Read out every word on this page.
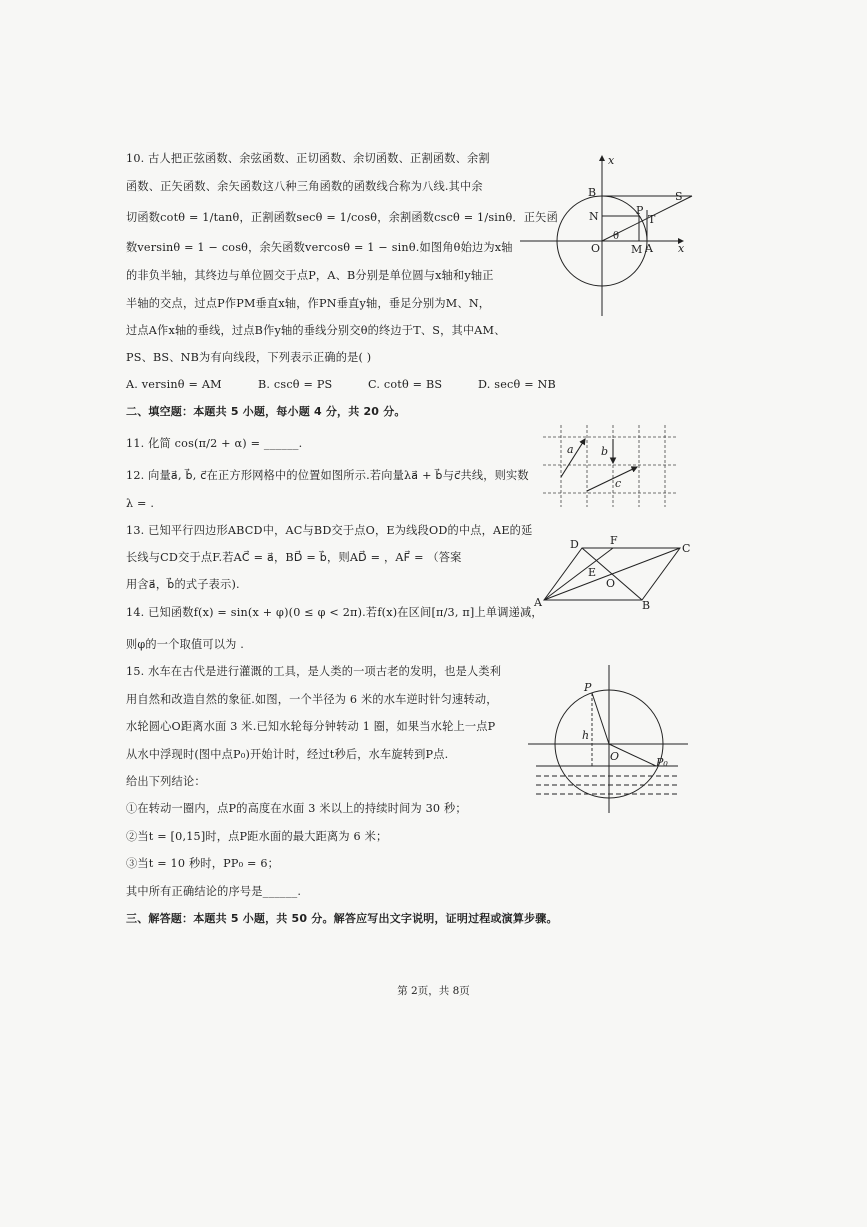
10. 古人把正弦函数、余弦函数、正切函数、余切函数、正割函数、余割
函数、正矢函数、余矢函数这八种三角函数的函数线合称为八线.其中余
切函数cotθ = 1/tanθ，正割函数secθ = 1/cosθ，余割函数cscθ = 1/sinθ．正矢函
数versinθ = 1 − cosθ，余矢函数vercosθ = 1 − sinθ.如图角θ始边为x轴
的非负半轴，其终边与单位圆交于点P，A、B分别是单位圆与x轴和y轴正
半轴的交点，过点P作PM垂直x轴，作PN垂直y轴，垂足分别为M、N，
过点A作x轴的垂线，过点B作y轴的垂线分别交θ的终边于T、S，其中AM、
PS、BS、NB为有向线段，下列表示正确的是( )
A. versinθ = AM	B. cscθ = PS	C. cotθ = BS	D. secθ = NB
x
x
B	S
N	P
T
θ
O	M A
二、填空题：本题共 5 小题，每小题 4 分，共 20 分。
11. 化简 cos(π/2 + α) = ______.
12. 向量a⃗, b⃗, c⃗在正方形网格中的位置如图所示.若向量λa⃗ + b⃗与c⃗共线，则实数
λ = .
a b
c
13. 已知平行四边形ABCD中，AC与BD交于点O，E为线段OD的中点，AE的延
长线与CD交于点F.若AC⃗ = a⃗，BD⃗ = b⃗，则AD⃗ = ，AF⃗ = （答案
用含a⃗，b⃗的式子表示).
D	F
C
E
O
A	B
14. 已知函数f(x) = sin(x + φ)(0 ≤ φ < 2π).若f(x)在区间[π/3, π]上单调递减，
则φ的一个取值可以为 .
15. 水车在古代是进行灌溉的工具，是人类的一项古老的发明，也是人类利
用自然和改造自然的象征.如图，一个半径为 6 米的水车逆时针匀速转动，
水轮圆心O距离水面 3 米.已知水轮每分钟转动 1 圈，如果当水轮上一点P
从水中浮现时(图中点P₀)开始计时，经过t秒后，水车旋转到P点.
给出下列结论：
①在转动一圈内，点P的高度在水面 3 米以上的持续时间为 30 秒；
②当t = [0,15]时，点P距水面的最大距离为 6 米；
③当t = 10 秒时，PP₀ = 6；
其中所有正确结论的序号是______.
P
h
O	P₀
三、解答题：本题共 5 小题，共 50 分。解答应写出文字说明，证明过程或演算步骤。
第 2页，共 8页
